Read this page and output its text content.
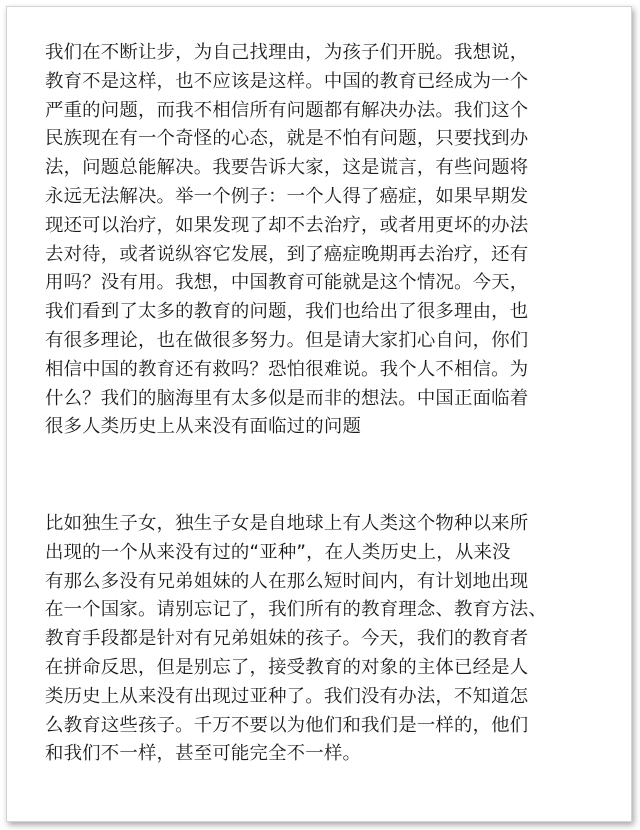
我们在不断让步，为自己找理由，为孩子们开脱。我想说，
教育不是这样，也不应该是这样。中国的教育已经成为一个
严重的问题，而我不相信所有问题都有解决办法。我们这个
民族现在有一个奇怪的心态，就是不怕有问题，只要找到办
法，问题总能解决。我要告诉大家，这是谎言，有些问题将
永远无法解决。举一个例子：一个人得了癌症，如果早期发
现还可以治疗，如果发现了却不去治疗，或者用更坏的办法
去对待，或者说纵容它发展，到了癌症晚期再去治疗，还有
用吗？没有用。我想，中国教育可能就是这个情况。今天，
我们看到了太多的教育的问题，我们也给出了很多理由，也
有很多理论，也在做很多努力。但是请大家扪心自问，你们
相信中国的教育还有救吗？恐怕很难说。我个人不相信。为
什么？我们的脑海里有太多似是而非的想法。中国正面临着
很多人类历史上从来没有面临过的问题
比如独生子女，独生子女是自地球上有人类这个物种以来所
出现的一个从来没有过的“亚种”，在人类历史上，从来没
有那么多没有兄弟姐妹的人在那么短时间内，有计划地出现
在一个国家。请别忘记了，我们所有的教育理念、教育方法、
教育手段都是针对有兄弟姐妹的孩子。今天，我们的教育者
在拼命反思，但是别忘了，接受教育的对象的主体已经是人
类历史上从来没有出现过亚种了。我们没有办法，不知道怎
么教育这些孩子。千万不要以为他们和我们是一样的，他们
和我们不一样，甚至可能完全不一样。
